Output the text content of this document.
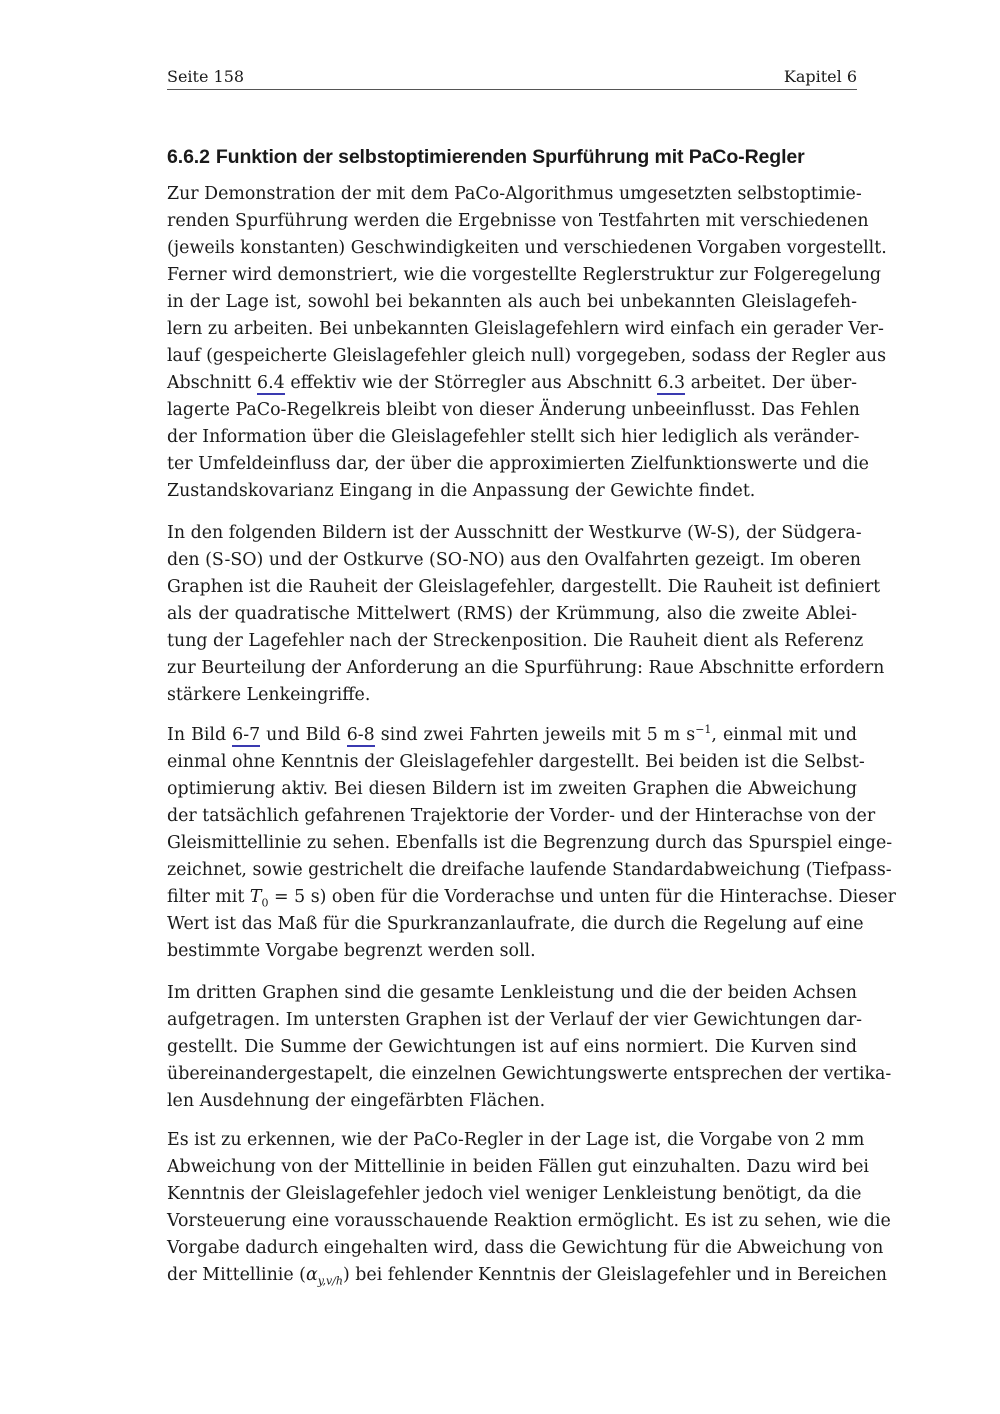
Seite 158	Kapitel 6
6.6.2 Funktion der selbstoptimierenden Spurführung mit PaCo-Regler
Zur Demonstration der mit dem PaCo-Algorithmus umgesetzten selbstoptimie-
renden Spurführung werden die Ergebnisse von Testfahrten mit verschiedenen
(jeweils konstanten) Geschwindigkeiten und verschiedenen Vorgaben vorgestellt.
Ferner wird demonstriert, wie die vorgestellte Reglerstruktur zur Folgeregelung
in der Lage ist, sowohl bei bekannten als auch bei unbekannten Gleislagefeh-
lern zu arbeiten. Bei unbekannten Gleislagefehlern wird einfach ein gerader Ver-
lauf (gespeicherte Gleislagefehler gleich null) vorgegeben, sodass der Regler aus
Abschnitt 6.4 effektiv wie der Störregler aus Abschnitt 6.3 arbeitet. Der über-
lagerte PaCo-Regelkreis bleibt von dieser Änderung unbeeinflusst. Das Fehlen
der Information über die Gleislagefehler stellt sich hier lediglich als veränder-
ter Umfeldeinfluss dar, der über die approximierten Zielfunktionswerte und die
Zustandskovarianz Eingang in die Anpassung der Gewichte findet.
In den folgenden Bildern ist der Ausschnitt der Westkurve (W-S), der Südgera-
den (S-SO) und der Ostkurve (SO-NO) aus den Ovalfahrten gezeigt. Im oberen
Graphen ist die Rauheit der Gleislagefehler, dargestellt. Die Rauheit ist definiert
als der quadratische Mittelwert (RMS) der Krümmung, also die zweite Ablei-
tung der Lagefehler nach der Streckenposition. Die Rauheit dient als Referenz
zur Beurteilung der Anforderung an die Spurführung: Raue Abschnitte erfordern
stärkere Lenkeingriffe.
In Bild 6-7 und Bild 6-8 sind zwei Fahrten jeweils mit 5 m $s^{-1}$, einmal mit und
einmal ohne Kenntnis der Gleislagefehler dargestellt. Bei beiden ist die Selbst-
optimierung aktiv. Bei diesen Bildern ist im zweiten Graphen die Abweichung
der tatsächlich gefahrenen Trajektorie der Vorder- und der Hinterachse von der
Gleismittellinie zu sehen. Ebenfalls ist die Begrenzung durch das Spurspiel einge-
zeichnet, sowie gestrichelt die dreifache laufende Standardabweichung (Tiefpass-
filter mit $T_0 = 5$ s) oben für die Vorderachse und unten für die Hinterachse. Dieser
Wert ist das Maß für die Spurkranzanlaufrate, die durch die Regelung auf eine
bestimmte Vorgabe begrenzt werden soll.
Im dritten Graphen sind die gesamte Lenkleistung und die der beiden Achsen
aufgetragen. Im untersten Graphen ist der Verlauf der vier Gewichtungen dar-
gestellt. Die Summe der Gewichtungen ist auf eins normiert. Die Kurven sind
übereinandergestapelt, die einzelnen Gewichtungswerte entsprechen der vertika-
len Ausdehnung der eingefärbten Flächen.
Es ist zu erkennen, wie der PaCo-Regler in der Lage ist, die Vorgabe von 2 mm
Abweichung von der Mittellinie in beiden Fällen gut einzuhalten. Dazu wird bei
Kenntnis der Gleislagefehler jedoch viel weniger Lenkleistung benötigt, da die
Vorsteuerung eine vorausschauende Reaktion ermöglicht. Es ist zu sehen, wie die
Vorgabe dadurch eingehalten wird, dass die Gewichtung für die Abweichung von
der Mittellinie $(\alpha_{y,v/h})$ bei fehlender Kenntnis der Gleislagefehler und in Bereichen
